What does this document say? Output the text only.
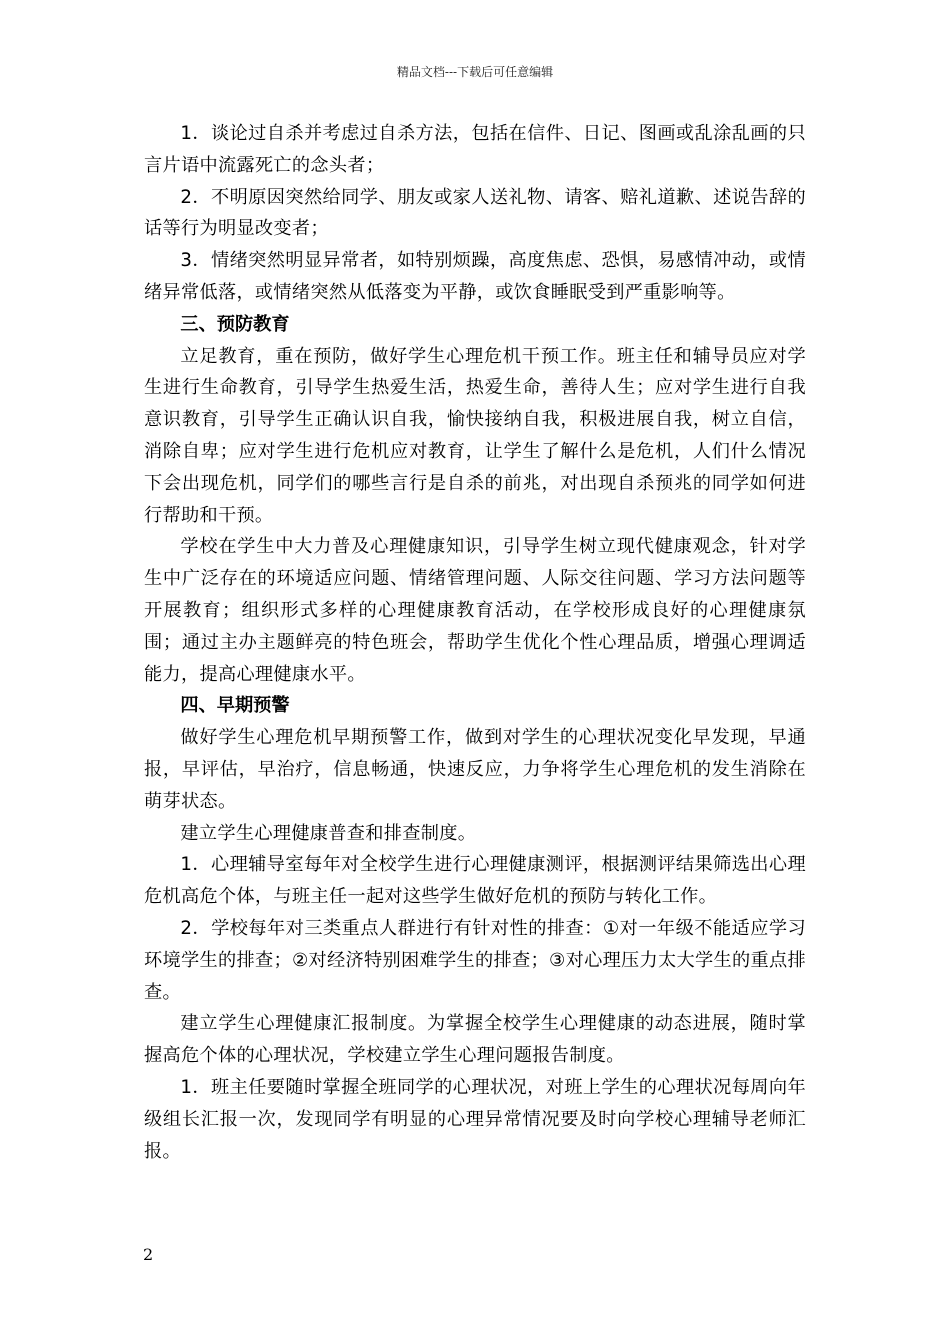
精品文档---下载后可任意编辑

1．谈论过自杀并考虑过自杀方法，包括在信件、日记、图画或乱涂乱画的只言片语中流露死亡的念头者；

2．不明原因突然给同学、朋友或家人送礼物、请客、赔礼道歉、述说告辞的话等行为明显改变者；

3．情绪突然明显异常者，如特别烦躁，高度焦虑、恐惧，易感情冲动，或情绪异常低落，或情绪突然从低落变为平静，或饮食睡眠受到严重影响等。

三、预防教育

立足教育，重在预防，做好学生心理危机干预工作。班主任和辅导员应对学生进行生命教育，引导学生热爱生活，热爱生命，善待人生；应对学生进行自我意识教育，引导学生正确认识自我，愉快接纳自我，积极进展自我，树立自信，消除自卑；应对学生进行危机应对教育，让学生了解什么是危机，人们什么情况下会出现危机，同学们的哪些言行是自杀的前兆，对出现自杀预兆的同学如何进行帮助和干预。

学校在学生中大力普及心理健康知识，引导学生树立现代健康观念，针对学生中广泛存在的环境适应问题、情绪管理问题、人际交往问题、学习方法问题等开展教育；组织形式多样的心理健康教育活动，在学校形成良好的心理健康氛围；通过主办主题鲜亮的特色班会，帮助学生优化个性心理品质，增强心理调适能力，提高心理健康水平。

四、早期预警

做好学生心理危机早期预警工作，做到对学生的心理状况变化早发现，早通报，早评估，早治疗，信息畅通，快速反应，力争将学生心理危机的发生消除在萌芽状态。

建立学生心理健康普查和排查制度。

1．心理辅导室每年对全校学生进行心理健康测评，根据测评结果筛选出心理危机高危个体，与班主任一起对这些学生做好危机的预防与转化工作。

2．学校每年对三类重点人群进行有针对性的排查：①对一年级不能适应学习环境学生的排查；②对经济特别困难学生的排查；③对心理压力太大学生的重点排查。

建立学生心理健康汇报制度。为掌握全校学生心理健康的动态进展，随时掌握高危个体的心理状况，学校建立学生心理问题报告制度。

1．班主任要随时掌握全班同学的心理状况，对班上学生的心理状况每周向年级组长汇报一次，发现同学有明显的心理异常情况要及时向学校心理辅导老师汇报。

2
